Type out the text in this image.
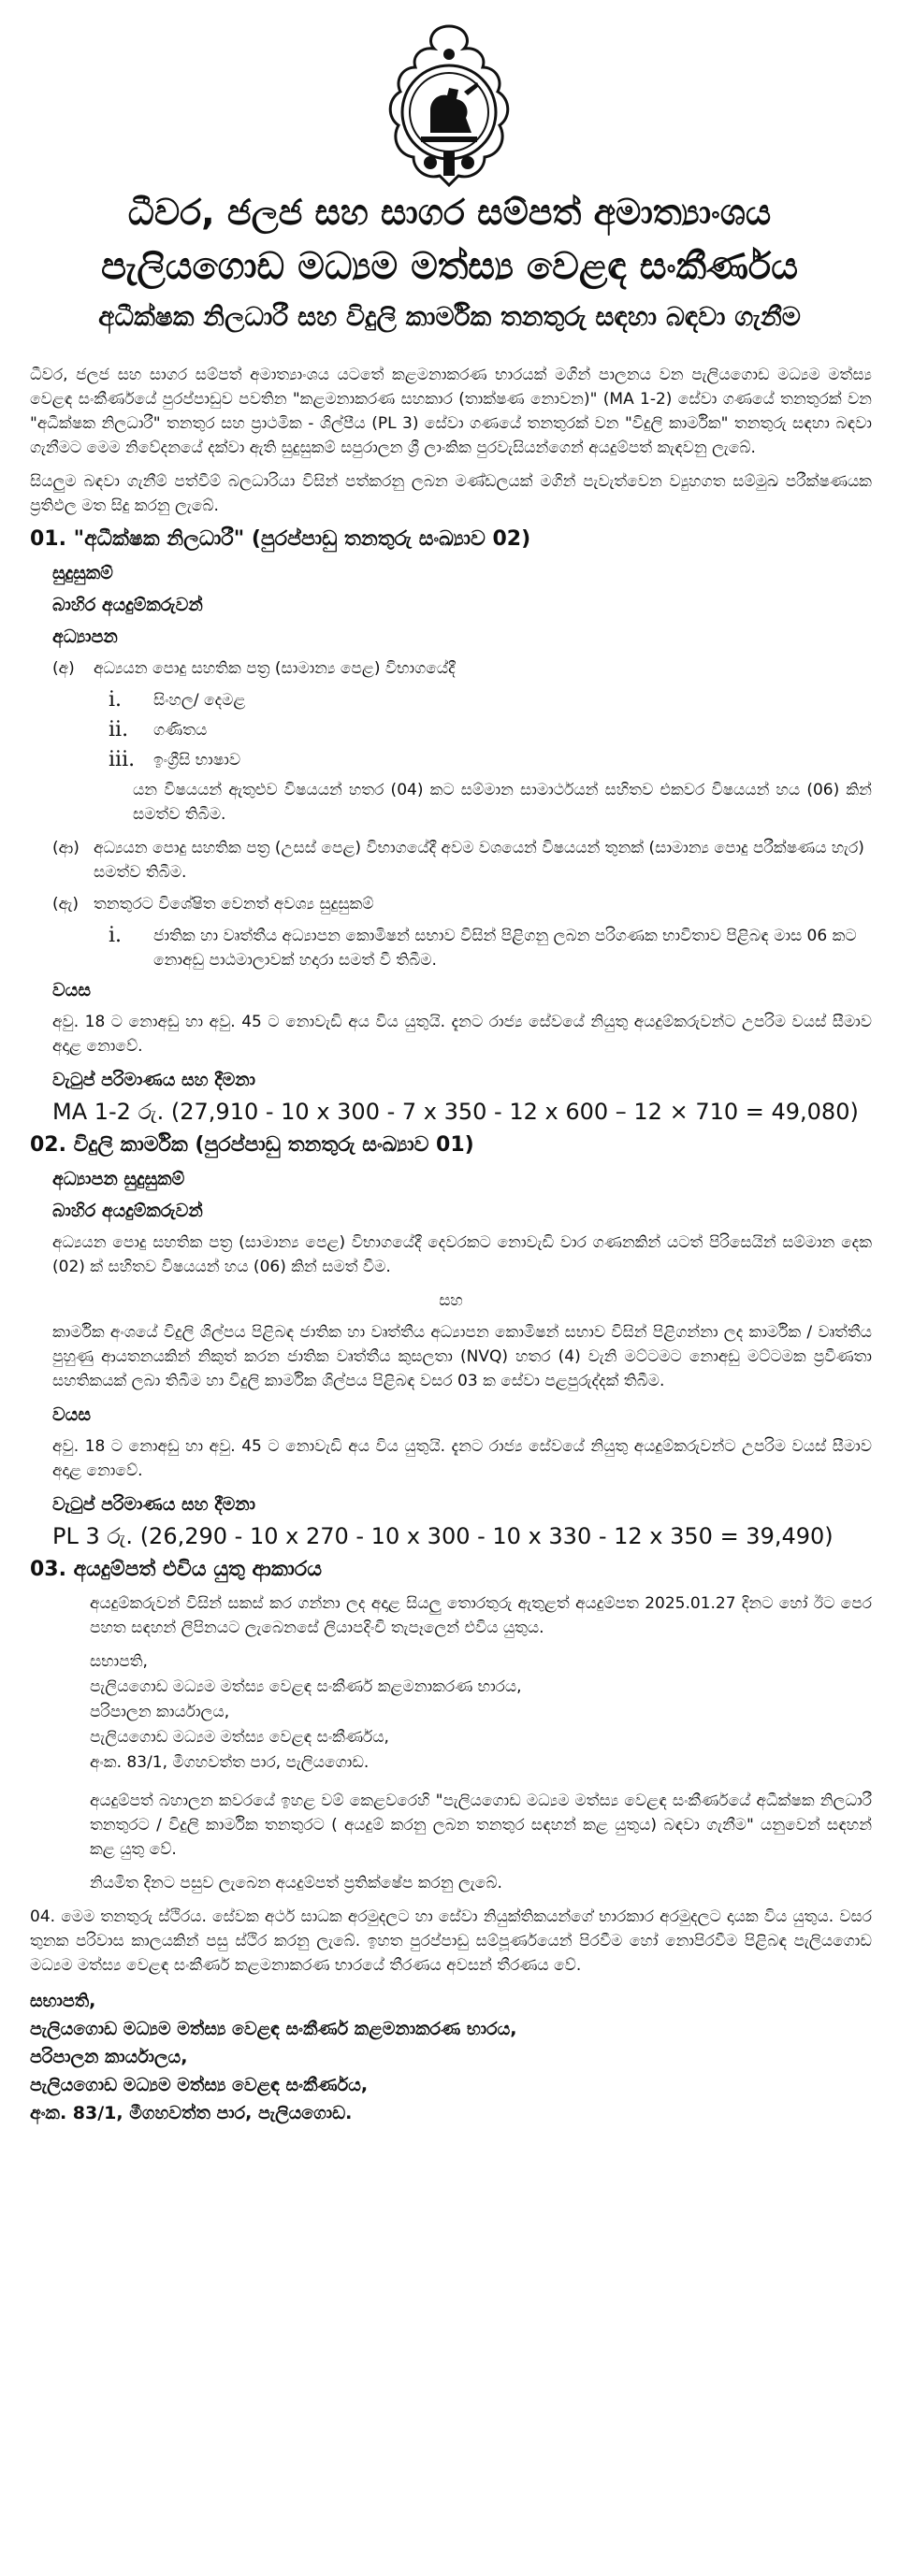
ධීවර, ජලජ සහ සාගර සම්පත් අමාත්‍යාංශය
පැලියගොඩ මධ්‍යම මත්ස්‍ය වෙළඳ සංකීර්ණය
අධීක්ෂක නිලධාරී සහ විදුලි කාර්මික තනතුරු සඳහා බඳවා ගැනීම

ධීවර, ජලජ සහ සාගර සම්පත් අමාත්‍යාංශය යටතේ කළමනාකරණ භාරයක් මගින් පාලනය වන පැලියගොඩ මධ්‍යම මත්ස්‍ය වෙළඳ සංකීර්ණයේ පුරප්පාඩුව පවතින "කළමනාකරණ සහකාර (තාක්ෂණ නොවන)" (MA 1-2) සේවා ගණයේ තනතුරක් වන "අධීක්ෂක නිලධාරී" තනතුර සහ ප්‍රාථමික - ශිල්පීය (PL 3) සේවා ගණයේ තනතුරක් වන "විදුලි කාර්මික" තනතුරු සඳහා බඳවා ගැනීමට මෙම නිවේදනයේ දක්වා ඇති සුදුසුකම් සපුරාලන ශ්‍රී ලාංකික පුරවැසියන්ගෙන් අයදුම්පත් කැඳවනු ලැබේ.

සියලුම බඳවා ගැනීම් පත්වීම් බලධාරියා විසින් පත්කරනු ලබන මණ්ඩලයක් මගින් පැවැත්වෙන ව්‍යුහගත සම්මුඛ පරීක්ෂණයක ප්‍රතිඵල මත සිදු කරනු ලැබේ.

01. "අධීක්ෂක නිලධාරී" (පුරප්පාඩු තනතුරු සංඛ්‍යාව 02)
සුදුසුකම්
බාහිර අයදුම්කරුවන්
අධ්‍යාපන
(අ)	අධ්‍යයන පොදු සහතික පත්‍ර (සාමාන්‍ය පෙළ) විභාගයේදී
i.	සිංහල/ දෙමළ
ii.	ගණිතය
iii.	ඉංග්‍රීසි භාෂාව

යන විෂයයන් ඇතුළුව විෂයයන් හතර (04) කට සම්මාන සාමාර්ථයන් සහිතව එකවර විෂයයන් හය (06) කින් සමත්ව තිබීම.

(ආ) අධ්‍යයන පොදු සහතික පත්‍ර (උසස් පෙළ) විභාගයේදී අවම වශයෙන් විෂයයන් තුනක් (සාමාන්‍ය පොදු පරීක්ෂණය හැර) සමත්ව තිබීම.
(ඇ) තනතුරට විශේෂිත වෙනත් අවශ්‍ය සුදුසුකම්
i.	ජාතික හා වෘත්තීය අධ්‍යාපන කොමිෂන් සභාව විසින් පිළිගනු ලබන පරිගණක භාවිතාව පිළිබඳ මාස 06 කට නොඅඩු පාඨමාලාවක් හදාරා සමත් වී තිබීම.
වයස

අවු. 18 ට නොඅඩු හා අවු. 45 ට නොවැඩි අය විය යුතුයි. දැනට රාජ්‍ය සේවයේ නියුතු අයදුම්කරුවන්ට උපරිම වයස් සීමාව අදාළ නොවේ.

වැටුප් පරිමාණය සහ දීමනා
MA 1-2 රු. (27,910 - 10 x 300 - 7 x 350 - 12 x 600 – 12 × 710 = 49,080)
02. විදුලි කාර්මික (පුරප්පාඩු තනතුරු සංඛ්‍යාව 01)
අධ්‍යාපන සුදුසුකම්
බාහිර අයදුම්කරුවන්

අධ්‍යයන පොදු සහතික පත්‍ර (සාමාන්‍ය පෙළ) විභාගයේදී දෙවරකට නොවැඩි වාර ගණනකින් යටත් පිරිසෙයින් සම්මාන දෙක (02) ක් සහිතව විෂයයන් හය (06) කින් සමත් වීම.

සහ

කාර්මික අංශයේ විදුලි ශිල්පය පිළිබඳ ජාතික හා වෘත්තීය අධ්‍යාපන කොමිෂන් සභාව විසින් පිළිගන්නා ලද කාර්මික / වෘත්තීය පුහුණු ආයතනයකින් නිකුත් කරන ජාතික වෘත්තීය කුසලතා (NVQ) හතර (4) වැනි මට්ටමට නොඅඩු මට්ටමක ප්‍රවීණතා සහතිකයක් ලබා තිබීම හා විදුලි කාර්මික ශිල්පය පිළිබඳ වසර 03 ක සේවා පළපුරුද්දක් තිබීම.

වයස

අවු. 18 ට නොඅඩු හා අවු. 45 ට නොවැඩි අය විය යුතුයි. දැනට රාජ්‍ය සේවයේ නියුතු අයදුම්කරුවන්ට උපරිම වයස් සීමාව අදාළ නොවේ.

වැටුප් පරිමාණය සහ දීමනා
PL 3 රු. (26,290 - 10 x 270 - 10 x 300 - 10 x 330 - 12 x 350 = 39,490)
03. අයදුම්පත් එවිය යුතු ආකාරය

අයදුම්කරුවන් විසින් සකස් කර ගන්නා ලද අදාළ සියලු තොරතුරු ඇතුළත් අයදුම්පත 2025.01.27 දිනට හෝ ඊට පෙර පහත සඳහන් ලිපිනයට ලැබෙනසේ ලියාපදිංචි තැපෑලෙන් එවිය යුතුය.

සභාපති,
පැලියගොඩ මධ්‍යම මත්ස්‍ය වෙළඳ සංකීර්ණ කළමනාකරණ භාරය,
පරිපාලන කාර්යාලය,
පැලියගොඩ මධ්‍යම මත්ස්‍ය වෙළඳ සංකීර්ණය,
අංක. 83/1, මීගහවත්ත පාර, පැලියගොඩ.

අයදුම්පත් බහාලන කවරයේ ඉහළ වම් කෙළවරෙහි "පැලියගොඩ මධ්‍යම මත්ස්‍ය වෙළඳ සංකීර්ණයේ අධීක්ෂක නිලධාරී තනතුරට / විදුලි කාර්මික තනතුරට ( අයදුම් කරනු ලබන තනතුර සඳහන් කළ යුතුය) බඳවා ගැනීම" යනුවෙන් සඳහන් කළ යුතු වේ.

නියමිත දිනට පසුව ලැබෙන අයදුම්පත් ප්‍රතික්ෂේප කරනු ලැබේ.

04. මෙම තනතුරු ස්ථිරය. සේවක අර්ථ සාධක අරමුදලට හා සේවා නියුක්තිකයන්ගේ භාරකාර අරමුදලට දායක විය යුතුය. වසර තුනක පරිවාස කාලයකින් පසු ස්ථිර කරනු ලැබේ. ඉහත පුරප්පාඩු සම්පූර්ණයෙන් පිරවීම හෝ නොපිරවීම පිළිබඳ පැලියගොඩ මධ්‍යම මත්ස්‍ය වෙළඳ සංකීර්ණ කළමනාකරණ භාරයේ තීරණය අවසන් තීරණය වේ.

සභාපති,
පැලියගොඩ මධ්‍යම මත්ස්‍ය වෙළඳ සංකීර්ණ කළමනාකරණ භාරය,
පරිපාලන කාර්යාලය,
පැලියගොඩ මධ්‍යම මත්ස්‍ය වෙළඳ සංකීර්ණය,
අංක. 83/1, මීගහවත්ත පාර, පැලියගොඩ.
